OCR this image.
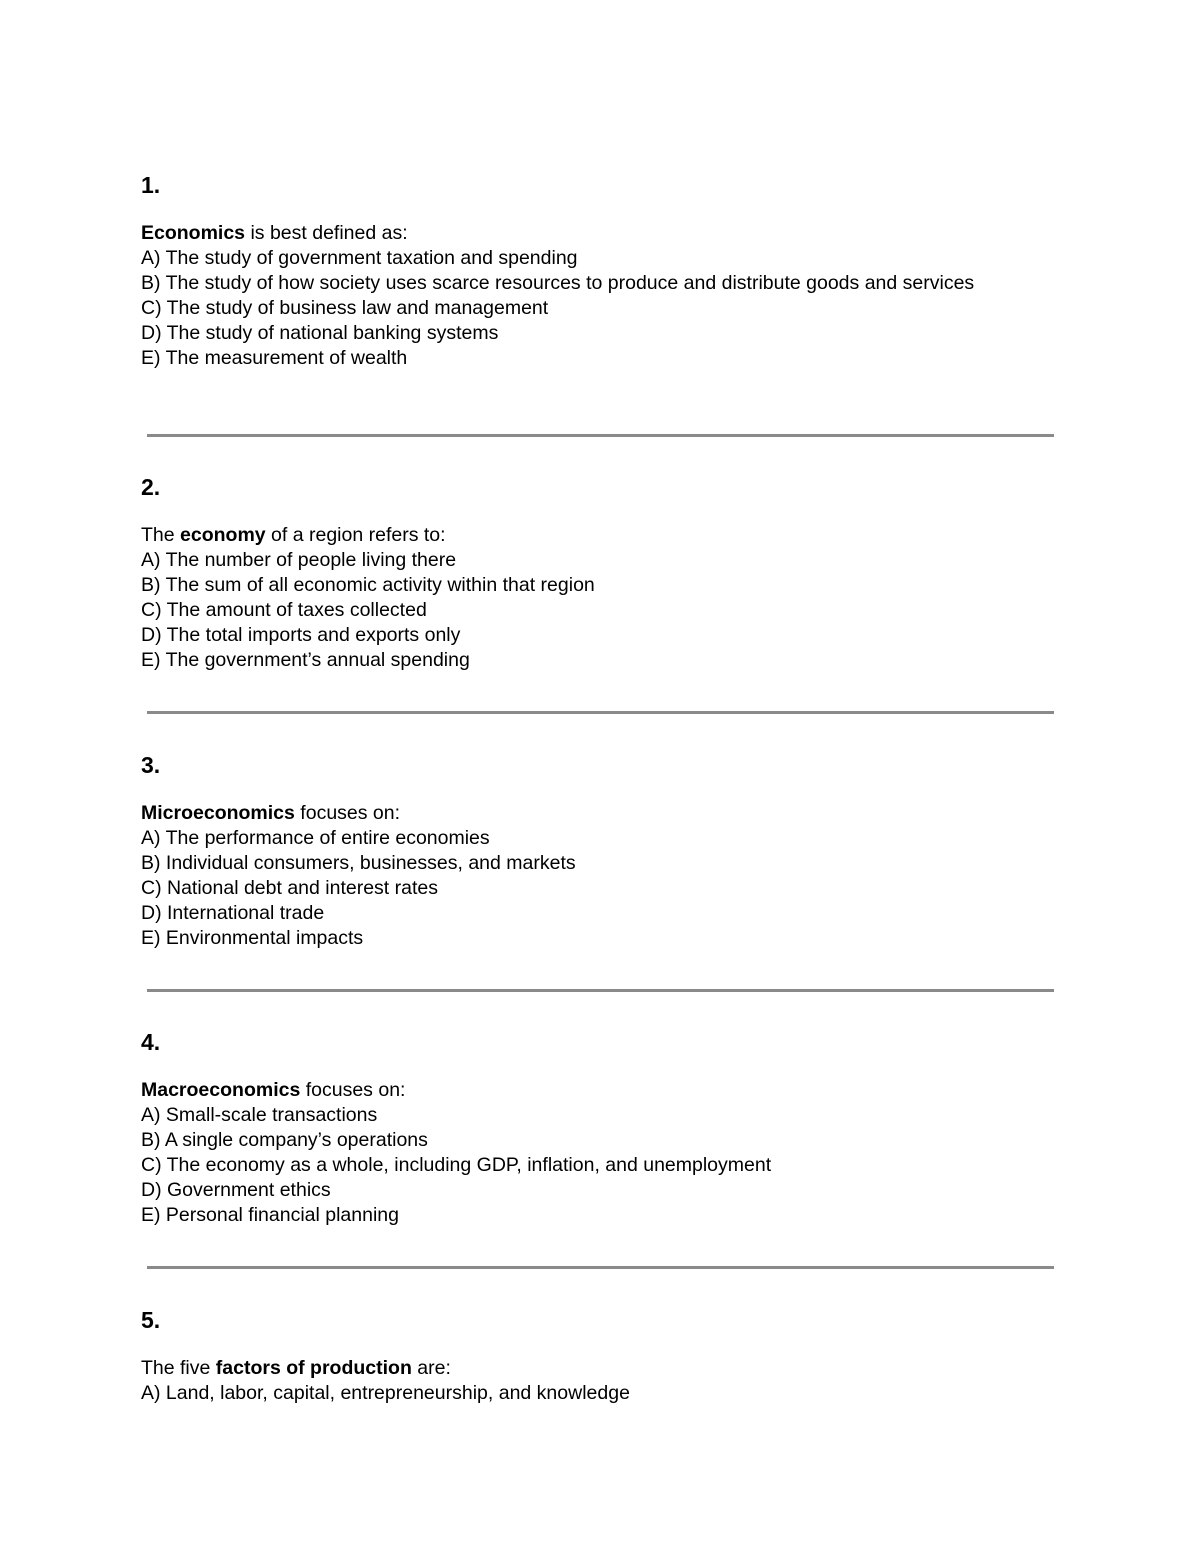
1.

Economics is best defined as:

A) The study of government taxation and spending

B) The study of how society uses scarce resources to produce and distribute goods and services

C) The study of business law and management

D) The study of national banking systems

E) The measurement of wealth

2.

The economy of a region refers to:

A) The number of people living there

B) The sum of all economic activity within that region

C) The amount of taxes collected

D) The total imports and exports only

E) The government’s annual spending

3.

Microeconomics focuses on:

A) The performance of entire economies

B) Individual consumers, businesses, and markets

C) National debt and interest rates

D) International trade

E) Environmental impacts

4.

Macroeconomics focuses on:

A) Small-scale transactions

B) A single company’s operations

C) The economy as a whole, including GDP, inflation, and unemployment

D) Government ethics

E) Personal financial planning

5.

The five factors of production are:

A) Land, labor, capital, entrepreneurship, and knowledge
